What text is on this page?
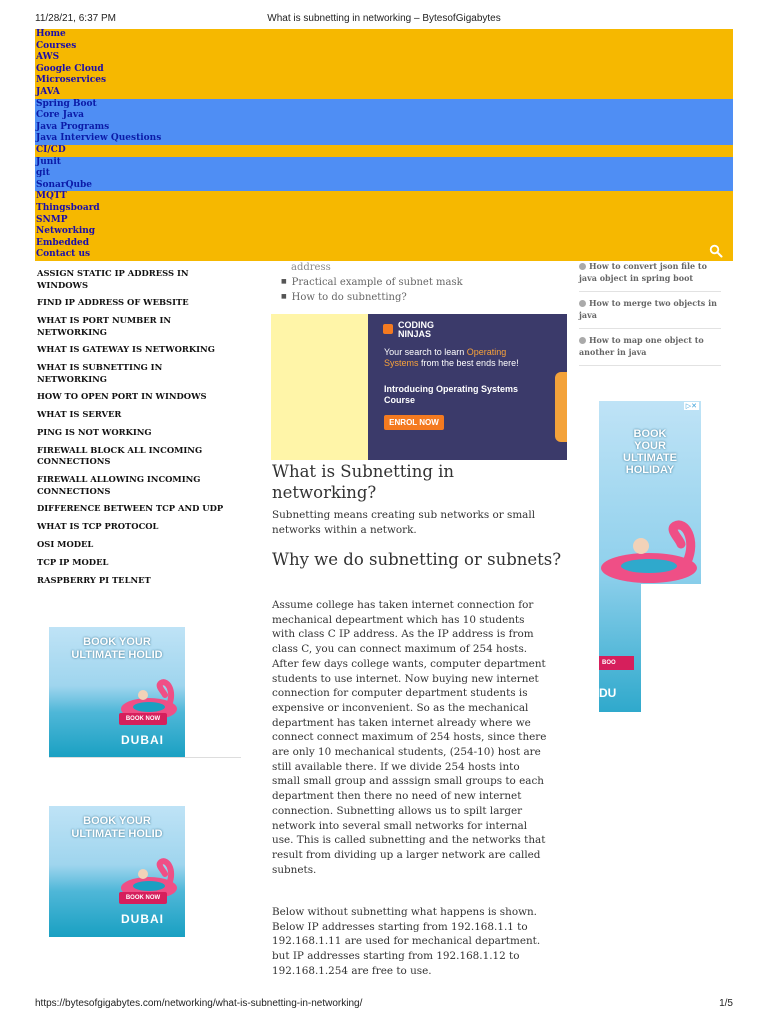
11/28/21, 6:37 PM	What is subnetting in networking – BytesofGigabytes
Home
Courses
AWS
Google Cloud
Microservices
JAVA
Spring Boot
Core Java
Java Programs
Java Interview Questions
CI/CD
Junit
git
SonarQube
MQTT
Thingsboard
SNMP
Networking
Embedded
Contact us
ASSIGN STATIC IP ADDRESS IN WINDOWS
FIND IP ADDRESS OF WEBSITE
WHAT IS PORT NUMBER IN NETWORKING
WHAT IS GATEWAY IS NETWORKING
WHAT IS SUBNETTING IN NETWORKING
HOW TO OPEN PORT IN WINDOWS
WHAT IS SERVER
PING IS NOT WORKING
FIREWALL BLOCK ALL INCOMING CONNECTIONS
FIREWALL ALLOWING INCOMING CONNECTIONS
DIFFERENCE BETWEEN TCP AND UDP
WHAT IS TCP PROTOCOL
OSI MODEL
TCP IP MODEL
RASPBERRY PI TELNET
BOOK YOUR
ULTIMATE HOLID
BOOK NOW
DUBAI
BOOK YOUR
ULTIMATE HOLID
BOOK NOW
DUBAI
address
■ Practical example of subnet mask
■ How to do subnetting?
CODING
NINJAS
Your search to learn Operating Systems from the best ends here!
Introducing Operating Systems Course
ENROL NOW
What is Subnetting in networking?

Subnetting means creating sub networks or small networks within a network.

Why we do subnetting or subnets?

Assume college has taken internet connection for mechanical depeartment which has 10 students with class C IP address. As the IP address is from class C, you can connect maximum of 254 hosts. After few days college wants, computer department students to use internet. Now buying new internet connection for computer department students is expensive or inconvenient. So as the mechanical department has taken internet already where we connect connect maximum of 254 hosts, since there are only 10 mechanical students, (254-10) host are still available there. If we divide 254 hosts into small small group and asssign small groups to each department then there no need of new internet connection. Subnetting allows us to spilt larger network into several small networks for internal use. This is called subnetting and the networks that result from dividing up a larger network are called subnets.

Below without subnetting what happens is shown. Below IP addresses starting from 192.168.1.1 to 192.168.1.11 are used for mechanical department. but IP addresses starting from 192.168.1.12 to 192.168.1.254 are free to use.

How to convert json file to java object in spring boot
How to merge two objects in java
How to map one object to another in java
▷✕
BOOK
YOUR
ULTIMATE
HOLIDAY
BOO
DU
https://bytesofgigabytes.com/networking/what-is-subnetting-in-networking/	1/5
